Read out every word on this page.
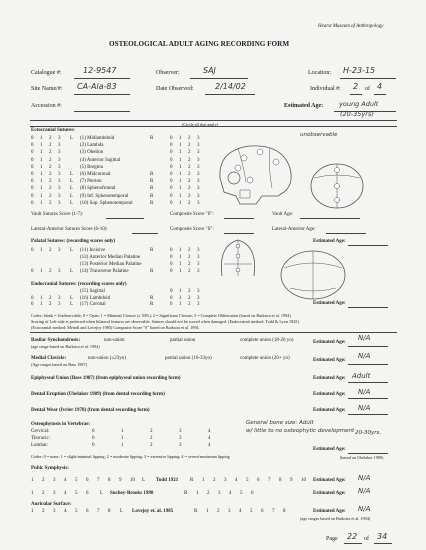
Hearst Museum of Anthropology
OSTEOLOGICAL ADULT AGING RECORDING FORM
Catalogue #:	12-9547	Observer:	SAJ	Location: H-23-15
Site Name/#: CA-Ala-83	Date Observed:	2/14/02	Individual #: 2 of 4
Accession #:	Estimated Age: young Adult
(20-35yrs)
(Circle all that apply)
Ectocranial Sutures:
0 1 2 3 L (1) Midlambdoid	R	0 1 2 3
0 1 2 3	(2) Lambda	0 1 2 3
0 1 2 3	(3) Obelion	0 1 2 3
0 1 2 3	(4) Anterior Sagittal	0 1 2 3
0 1 2 3	(5) Bregma	0 1 2 3
0 1 2 3 L (6) Midcoronal	R	0 1 2 3
0 1 2 3 L (7) Pterion	R	0 1 2 3
0 1 2 3 L (8) Sphenofrontal	R	0 1 2 3
0 1 2 3 L (9) Inf. Sphenotemporal	R	0 1 2 3
0 1 2 3 L (10) Sup. Sphenotemporal	R	0 1 2 3
unobservable
Vault Sutures Score (1-7):	Composite Score "S":	Vault Age:
Lateral-Anterior Sutures Score (6-10):	Composite Score "S":	Lateral-Anterior Age:
Palatal Sutures: (recording scores only)	Estimated Age:
0 1 2 3 L (11) Incisive	R	0 1 2 3
(12) Anterior Median Palatine	0 1 2 3
(13) Posterior Median Palatine	0 1 2 3
0 1 2 3 L (14) Transverse Palatine	R	0 1 2 3
Endocranial Sutures: (recording scores only)
(15) Sagittal	0 1 2 3
0 1 2 3 L (16) Lambdoid	R	0 1 2 3
0 1 2 3 L (17) Coronal	R	0 1 2 3	Estimated Age:
Codes: blank = Unobservable; 0 = Open; 1 = Minimal Closure (≤ 50%); 2 = Significant Closure; 3 = Complete Obliteration (based on Buikstra et al. 1994)
Scoring of Left-side is preferred when bilateral features are observable. Sutures should not be scored when damaged. (Endocranial method: Todd & Lyon 1925)
(Ectocranial method: Meindl and Lovejoy 1985) Composite Score "S" based on Buikstra et al. 1994.
Basilar Synchondrosis:	non-union	partial union	complete union (18-26 yo)
(age range based on Buikstra et al. 1994)
Estimated Age:
N/A
Medial Clavicle:	non-union (≤23yo)	partial union (16-33yo)	complete union (20+ yo)
(Age ranges based on Bass 1987)
Estimated Age:
N/A
Epiphyseal Union (Bass 1987) (from epiphyseal union recording form)	Estimated Age: Adult
Dental Eruption (Ubelaker 1989) (from dental recording form)	Estimated Age: N/A
Dental Wear (Ivrier 1978) (from dental recording form)	Estimated Age: N/A
Osteophytosis in Vertebrae:
Cervical:	0	1	2	3	4
Thoracic:	0	1	2	3	4
Lumbar:	0	1	2	3	4
General bone size: Adult
w/ little to no osteophytic development 20-30yrs.
Codes: 0 = none; 1 = slight/minimal lipping; 2 = moderate lipping; 3 = extensive lipping; 4 = severe/maximum lipping
Estimated Age:
(based on Ubelaker 1989)
Pubic Symphysis:
1 2 3 4 5 6 7 8 9 10 L Todd 1921 R 1 2 3 4 5 6 7 8 9 10 Estimated Age: N/A
1 2 3 4 5 6 L Suchey-Brooks 1990	R 1 2 3 4 5 6	Estimated Age: N/A
Auricular Surface:
1 2 3 4 5 6 7 8 L Lovejoy et. al. 1985	R 1 2 3 4 5 6 7 8	Estimated Age: N/A
(age ranges based on Buikstra et al. 1994)
Page 22 of 34
